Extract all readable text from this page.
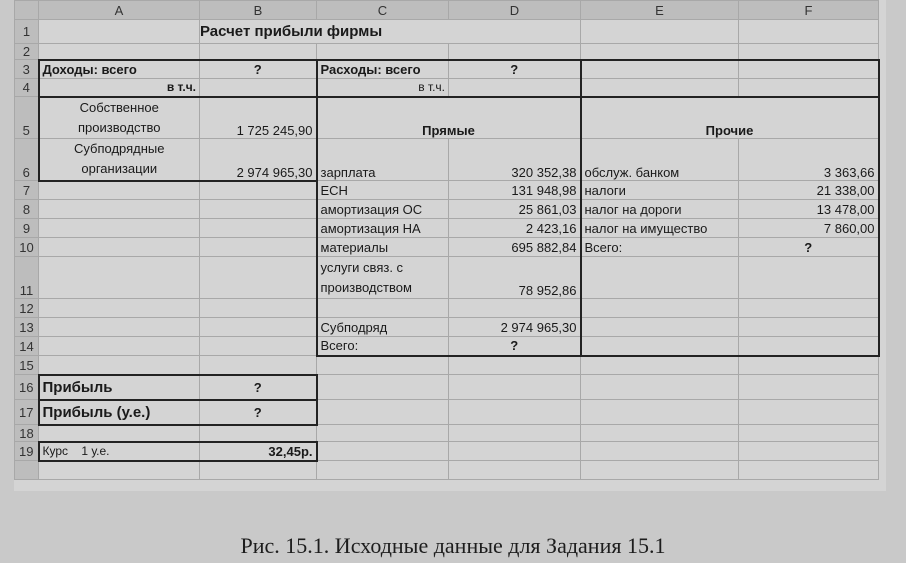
	A	B	C	D	E	F
1		Расчет прибыли фирмы				
2						
3	Доходы: всего	?	Расходы: всего	?		
4	в т.ч.		в т.ч.			
5	Собственное производство	1 725 245,90	Прямые		Прочие	
6	Субподрядные организации	2 974 965,30	зарплата	320 352,38	обслуж. банком	3 363,66
7			ЕСН	131 948,98	налоги	21 338,00
8			амортизация ОС	25 861,03	налог на дороги	13 478,00
9			амортизация НА	2 423,16	налог на имущество	7 860,00
10			материалы	695 882,84	Всего:	?
11			услуги связ. с производством	78 952,86		
12						
13			Субподряд	2 974 965,30		
14			Всего:	?		
15						
16	Прибыль	?				
17	Прибыль (у.е.)	?				
18						
19	Курс    1 у.е.	32,45р.				

Рис. 15.1. Исходные данные для Задания 15.1
